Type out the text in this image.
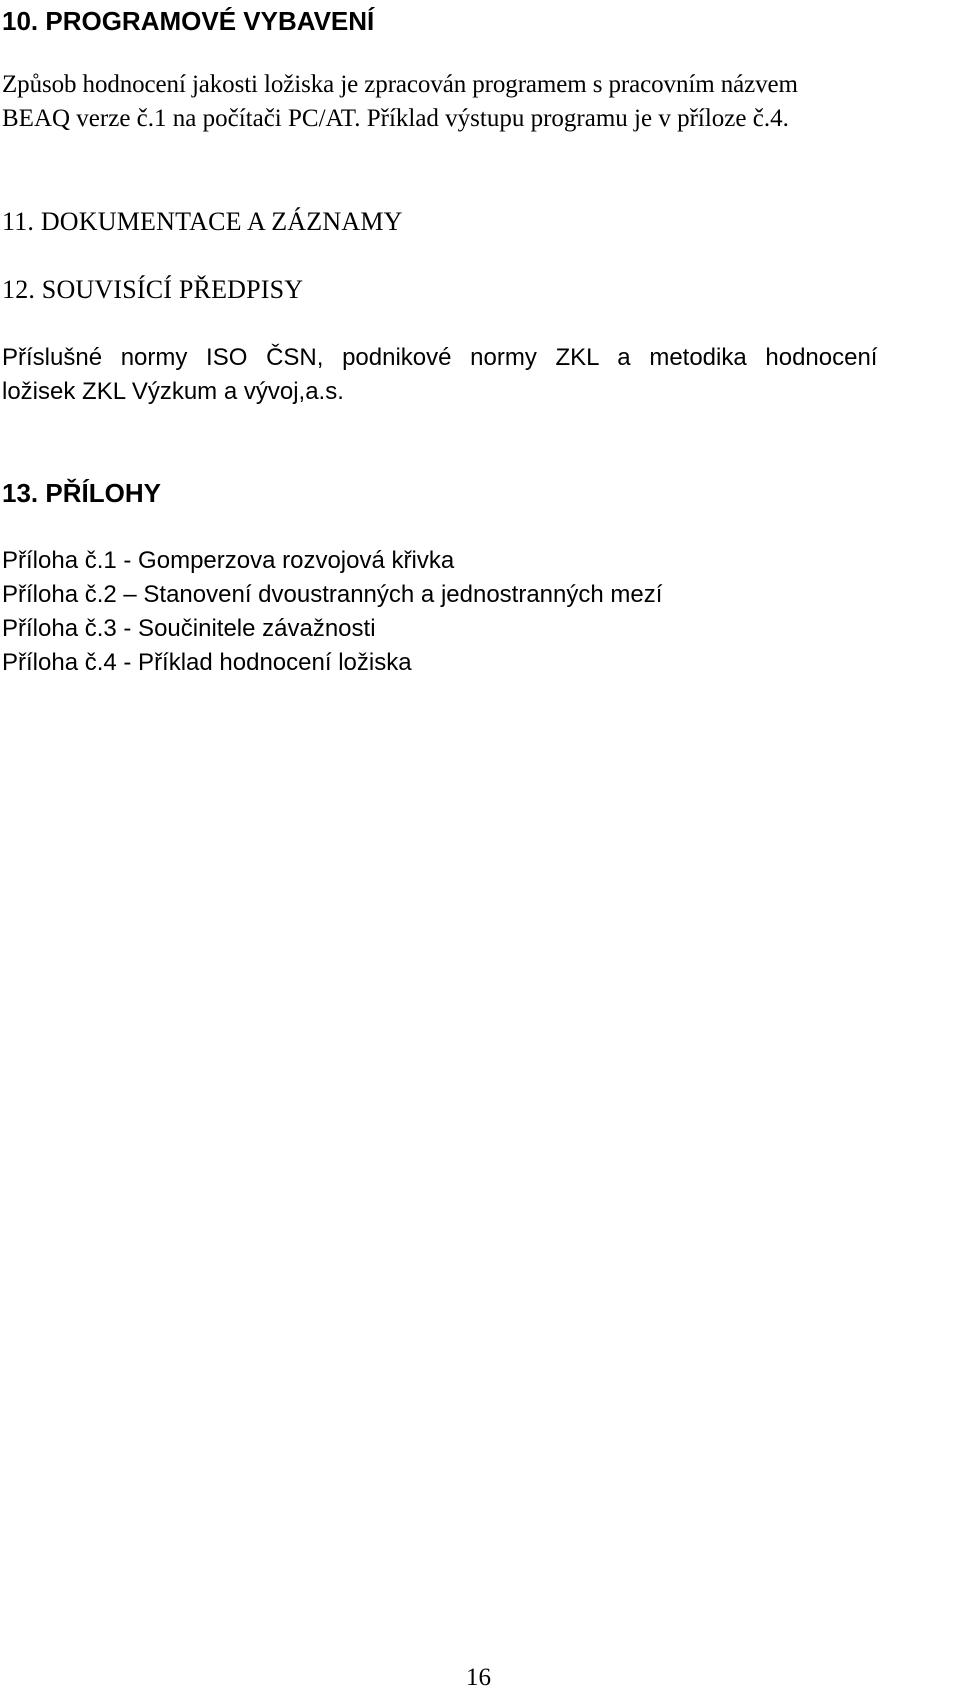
10. PROGRAMOVÉ VYBAVENÍ

Způsob hodnocení jakosti ložiska je zpracován programem s pracovním názvem

BEAQ verze č.1 na počítači PC/AT. Příklad výstupu programu je v příloze č.4.

11. DOKUMENTACE A ZÁZNAMY
12. SOUVISÍCÍ PŘEDPISY

Příslušné normy ISO ČSN, podnikové normy ZKL a metodika hodnocení

ložisek ZKL Výzkum a vývoj,a.s.

13. PŘÍLOHY

Příloha č.1 - Gomperzova rozvojová křivka

Příloha č.2 – Stanovení dvoustranných a jednostranných mezí

Příloha č.3 - Součinitele závažnosti

Příloha č.4 - Příklad hodnocení ložiska

16
